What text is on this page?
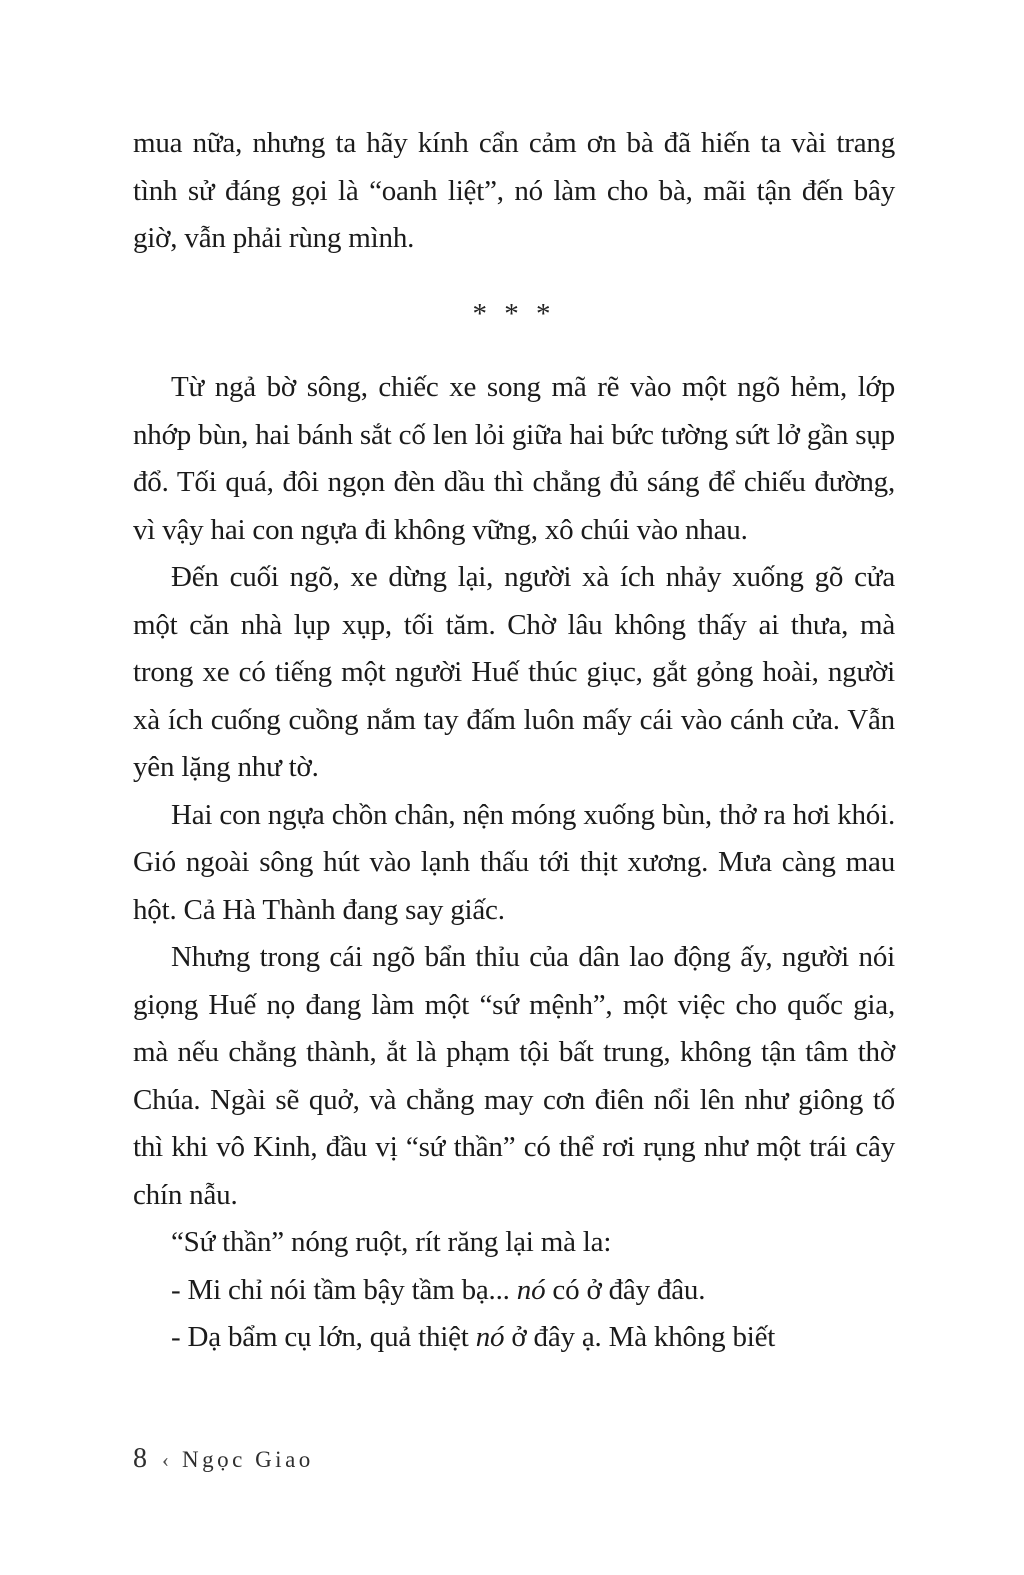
mua nữa, nhưng ta hãy kính cẩn cảm ơn bà đã hiến ta vài trang tình sử đáng gọi là “oanh liệt”, nó làm cho bà, mãi tận đến bây giờ, vẫn phải rùng mình.

* * *

Từ ngả bờ sông, chiếc xe song mã rẽ vào một ngõ hẻm, lớp nhớp bùn, hai bánh sắt cố len lỏi giữa hai bức tường sứt lở gần sụp đổ. Tối quá, đôi ngọn đèn dầu thì chẳng đủ sáng để chiếu đường, vì vậy hai con ngựa đi không vững, xô chúi vào nhau.

Đến cuối ngõ, xe dừng lại, người xà ích nhảy xuống gõ cửa một căn nhà lụp xụp, tối tăm. Chờ lâu không thấy ai thưa, mà trong xe có tiếng một người Huế thúc giục, gắt gỏng hoài, người xà ích cuống cuồng nắm tay đấm luôn mấy cái vào cánh cửa. Vẫn yên lặng như tờ.

Hai con ngựa chồn chân, nện móng xuống bùn, thở ra hơi khói. Gió ngoài sông hút vào lạnh thấu tới thịt xương. Mưa càng mau hột. Cả Hà Thành đang say giấc.

Nhưng trong cái ngõ bẩn thỉu của dân lao động ấy, người nói giọng Huế nọ đang làm một “sứ mệnh”, một việc cho quốc gia, mà nếu chẳng thành, ắt là phạm tội bất trung, không tận tâm thờ Chúa. Ngài sẽ quở, và chẳng may cơn điên nổi lên như giông tố thì khi vô Kinh, đầu vị “sứ thần” có thể rơi rụng như một trái cây chín nẫu.

“Sứ thần” nóng ruột, rít răng lại mà la:

- Mi chỉ nói tầm bậy tầm bạ... nó có ở đây đâu.

- Dạ bẩm cụ lớn, quả thiệt nó ở đây ạ. Mà không biết

8 ‹ Ngọc Giao
